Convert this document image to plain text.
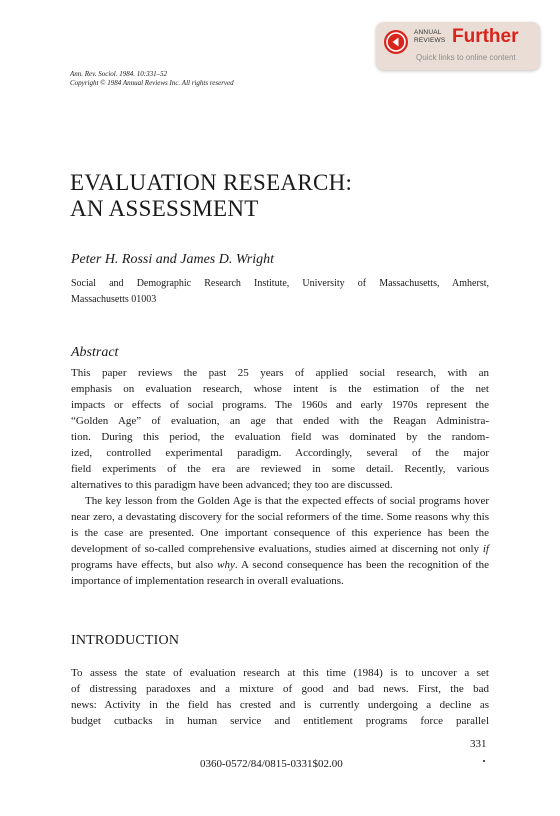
ANNUAL
REVIEWS Further
Quick links to online content
Ann. Rev. Sociol. 1984. 10:331–52
Copyright © 1984 Annual Reviews Inc. All rights reserved
EVALUATION RESEARCH:
AN ASSESSMENT
Peter H. Rossi and James D. Wright
Social and Demographic Research Institute, University of Massachusetts, Amherst,
Massachusetts 01003
Abstract
This paper reviews the past 25 years of applied social research, with an
emphasis on evaluation research, whose intent is the estimation of the net
impacts or effects of social programs. The 1960s and early 1970s represent the
“Golden Age” of evaluation, an age that ended with the Reagan Administra-
tion. During this period, the evaluation field was dominated by the random-
ized, controlled experimental paradigm. Accordingly, several of the major
field experiments of the era are reviewed in some detail. Recently, various
alternatives to this paradigm have been advanced; they too are discussed.

The key lesson from the Golden Age is that the expected effects of social programs hover near zero, a devastating discovery for the social reformers of the time. Some reasons why this is the case are presented. One important consequence of this experience has been the development of so-called comprehensive evaluations, studies aimed at discerning not only if programs have effects, but also why. A second consequence has been the recognition of the importance of implementation research in overall evaluations.

INTRODUCTION
To assess the state of evaluation research at this time (1984) is to uncover a set
of distressing paradoxes and a mixture of good and bad news. First, the bad
news: Activity in the field has crested and is currently undergoing a decline as
budget cutbacks in human service and entitlement programs force parallel
331
0360-0572/84/0815-0331$02.00
